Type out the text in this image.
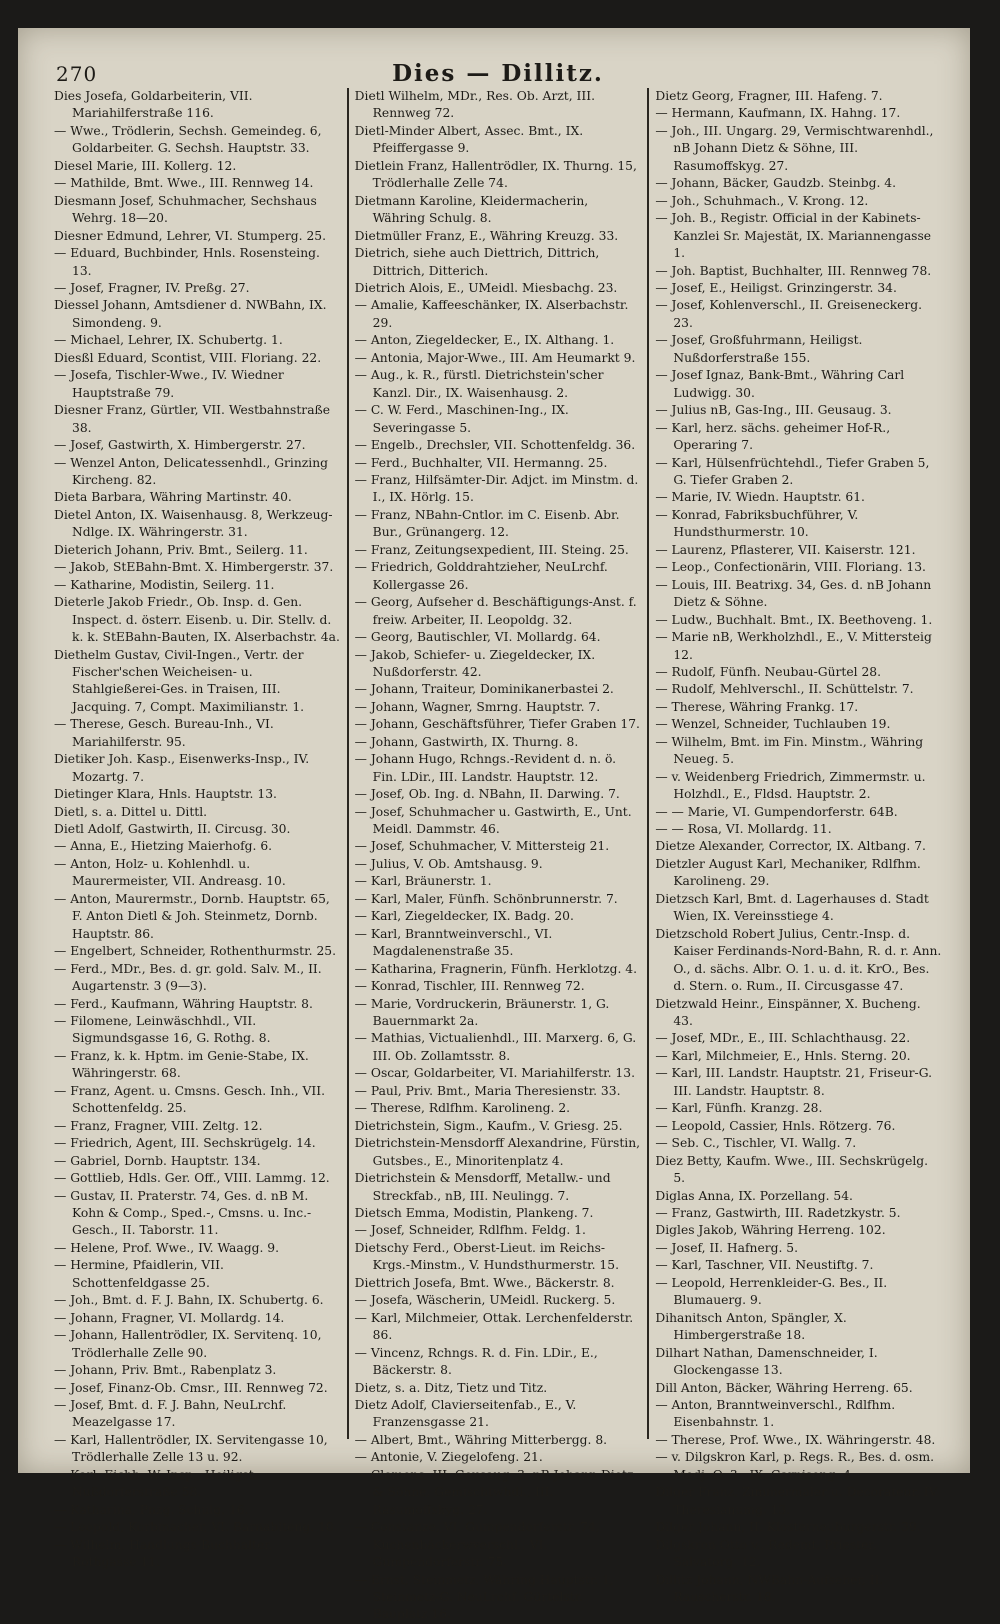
270	Dies — Dillitz.

Dies Josefa, Goldarbeiterin, VII. Mariahilferstraße 116.

— Wwe., Trödlerin, Sechsh. Gemeindeg. 6, Goldarbeiter. G. Sechsh. Hauptstr. 33.

Diesel Marie, III. Kollerg. 12.

— Mathilde, Bmt. Wwe., III. Rennweg 14.

Diesmann Josef, Schuhmacher, Sechshaus Wehrg. 18—20.

Diesner Edmund, Lehrer, VI. Stumperg. 25.

— Eduard, Buchbinder, Hnls. Rosensteing. 13.

— Josef, Fragner, IV. Preßg. 27.

Diessel Johann, Amtsdiener d. NWBahn, IX. Simondeng. 9.

— Michael, Lehrer, IX. Schubertg. 1.

Diesßl Eduard, Scontist, VIII. Floriang. 22.

— Josefa, Tischler-Wwe., IV. Wiedner Hauptstraße 79.

Diesner Franz, Gürtler, VII. Westbahnstraße 38.

— Josef, Gastwirth, X. Himbergerstr. 27.

— Wenzel Anton, Delicatessenhdl., Grinzing Kircheng. 82.

Dieta Barbara, Währing Martinstr. 40.

Dietel Anton, IX. Waisenhausg. 8, Werkzeug-Ndlge. IX. Währingerstr. 31.

Dieterich Johann, Priv. Bmt., Seilerg. 11.

— Jakob, StEBahn-Bmt. X. Himbergerstr. 37.

— Katharine, Modistin, Seilerg. 11.

Dieterle Jakob Friedr., Ob. Insp. d. Gen. Inspect. d. österr. Eisenb. u. Dir. Stellv. d. k. k. StEBahn-Bauten, IX. Alserbachstr. 4a.

Diethelm Gustav, Civil-Ingen., Vertr. der Fischer'schen Weicheisen- u. Stahlgießerei-Ges. in Traisen, III. Jacquing. 7, Compt. Maximilianstr. 1.

— Therese, Gesch. Bureau-Inh., VI. Mariahilferstr. 95.

Dietiker Joh. Kasp., Eisenwerks-Insp., IV. Mozartg. 7.

Dietinger Klara, Hnls. Hauptstr. 13.

Dietl, s. a. Dittel u. Dittl.

Dietl Adolf, Gastwirth, II. Circusg. 30.

— Anna, E., Hietzing Maierhofg. 6.

— Anton, Holz- u. Kohlenhdl. u. Maurermeister, VII. Andreasg. 10.

— Anton, Maurermstr., Dornb. Hauptstr. 65, F. Anton Dietl & Joh. Steinmetz, Dornb. Hauptstr. 86.

— Engelbert, Schneider, Rothenthurmstr. 25.

— Ferd., MDr., Bes. d. gr. gold. Salv. M., II. Augartenstr. 3 (9—3).

— Ferd., Kaufmann, Währing Hauptstr. 8.

— Filomene, Leinwäschhdl., VII. Sigmundsgasse 16, G. Rothg. 8.

— Franz, k. k. Hptm. im Genie-Stabe, IX. Währingerstr. 68.

— Franz, Agent. u. Cmsns. Gesch. Inh., VII. Schottenfeldg. 25.

— Franz, Fragner, VIII. Zeltg. 12.

— Friedrich, Agent, III. Sechskrügelg. 14.

— Gabriel, Dornb. Hauptstr. 134.

— Gottlieb, Hdls. Ger. Off., VIII. Lammg. 12.

— Gustav, II. Praterstr. 74, Ges. d. nB M. Kohn & Comp., Sped.-, Cmsns. u. Inc.-Gesch., II. Taborstr. 11.

— Helene, Prof. Wwe., IV. Waagg. 9.

— Hermine, Pfaidlerin, VII. Schottenfeldgasse 25.

— Joh., Bmt. d. F. J. Bahn, IX. Schubertg. 6.

— Johann, Fragner, VI. Mollardg. 14.

— Johann, Hallentrödler, IX. Servitenq. 10, Trödlerhalle Zelle 90.

— Johann, Priv. Bmt., Rabenplatz 3.

— Josef, Finanz-Ob. Cmsr., III. Rennweg 72.

— Josef, Bmt. d. F. J. Bahn, NeuLrchf. Meazelgasse 17.

— Karl, Hallentrödler, IX. Servitengasse 10, Trödlerhalle Zelle 13 u. 92.

— Karl, Eichb. W. Insp., Heiligst. Nußdorferstraße 58.

— Katharina, Pnzg. Schulg. 16.

— Leopold, Korbmacher, VI. Barnabiteng. 10.

— Wilhelm, Handlungs-Buchhalter, Rothgasse 11.

Dietl Wilhelm, MDr., Res. Ob. Arzt, III. Rennweg 72.

Dietl-Minder Albert, Assec. Bmt., IX. Pfeiffergasse 9.

Dietlein Franz, Hallentrödler, IX. Thurng. 15, Trödlerhalle Zelle 74.

Dietmann Karoline, Kleidermacherin, Währing Schulg. 8.

Dietmüller Franz, E., Währing Kreuzg. 33.

Dietrich, siehe auch Diettrich, Dittrich, Dittrich, Ditterich.

Dietrich Alois, E., UMeidl. Miesbachg. 23.

— Amalie, Kaffeeschänker, IX. Alserbachstr. 29.

— Anton, Ziegeldecker, E., IX. Althang. 1.

— Antonia, Major-Wwe., III. Am Heumarkt 9.

— Aug., k. R., fürstl. Dietrichstein'scher Kanzl. Dir., IX. Waisenhausg. 2.

— C. W. Ferd., Maschinen-Ing., IX. Severingasse 5.

— Engelb., Drechsler, VII. Schottenfeldg. 36.

— Ferd., Buchhalter, VII. Hermanng. 25.

— Franz, Hilfsämter-Dir. Adjct. im Minstm. d. I., IX. Hörlg. 15.

— Franz, NBahn-Cntlor. im C. Eisenb. Abr. Bur., Grünangerg. 12.

— Franz, Zeitungsexpedient, III. Steing. 25.

— Friedrich, Golddrahtzieher, NeuLrchf. Kollergasse 26.

— Georg, Aufseher d. Beschäftigungs-Anst. f. freiw. Arbeiter, II. Leopoldg. 32.

— Georg, Bautischler, VI. Mollardg. 64.

— Jakob, Schiefer- u. Ziegeldecker, IX. Nußdorferstr. 42.

— Johann, Traiteur, Dominikanerbastei 2.

— Johann, Wagner, Smrng. Hauptstr. 7.

— Johann, Geschäftsführer, Tiefer Graben 17.

— Johann, Gastwirth, IX. Thurng. 8.

— Johann Hugo, Rchngs.-Revident d. n. ö. Fin. LDir., III. Landstr. Hauptstr. 12.

— Josef, Ob. Ing. d. NBahn, II. Darwing. 7.

— Josef, Schuhmacher u. Gastwirth, E., Unt. Meidl. Dammstr. 46.

— Josef, Schuhmacher, V. Mittersteig 21.

— Julius, V. Ob. Amtshausg. 9.

— Karl, Bräunerstr. 1.

— Karl, Maler, Fünfh. Schönbrunnerstr. 7.

— Karl, Ziegeldecker, IX. Badg. 20.

— Karl, Branntweinverschl., VI. Magdalenenstraße 35.

— Katharina, Fragnerin, Fünfh. Herklotzg. 4.

— Konrad, Tischler, III. Rennweg 72.

— Marie, Vordruckerin, Bräunerstr. 1, G. Bauernmarkt 2a.

— Mathias, Victualienhdl., III. Marxerg. 6, G. III. Ob. Zollamtsstr. 8.

— Oscar, Goldarbeiter, VI. Mariahilferstr. 13.

— Paul, Priv. Bmt., Maria Theresienstr. 33.

— Therese, Rdlfhm. Karolineng. 2.

Dietrichstein, Sigm., Kaufm., V. Griesg. 25.

Dietrichstein-Mensdorff Alexandrine, Fürstin, Gutsbes., E., Minoritenplatz 4.

Dietrichstein & Mensdorff, Metallw.- und Streckfab., nB, III. Neulingg. 7.

Dietsch Emma, Modistin, Plankeng. 7.

— Josef, Schneider, Rdlfhm. Feldg. 1.

Dietschy Ferd., Oberst-Lieut. im Reichs-Krgs.-Minstm., V. Hundsthurmerstr. 15.

Diettrich Josefa, Bmt. Wwe., Bäckerstr. 8.

— Josefa, Wäscherin, UMeidl. Ruckerg. 5.

— Karl, Milchmeier, Ottak. Lerchenfelderstr. 86.

— Vincenz, Rchngs. R. d. Fin. LDir., E., Bäckerstr. 8.

Dietz, s. a. Ditz, Tietz und Titz.

Dietz Adolf, Clavierseitenfab., E., V. Franzensgasse 21.

— Albert, Bmt., Währing Mitterbergg. 8.

— Antonie, V. Ziegelofeng. 21.

— Clemens, III. Geusaug. 3, nB Johann Dietz & Söhne, Gemischtwhdl., III. Rasumoffskyg. 27.

— Constanze, VI. Gumpendorferstr. 74, Kuchenbäckerwverschl., VI. Gumpendorferstr. 75.

— Ernst, Steinmetz, Währing Hauptstr. 1, Steinmetz-G. NeuLrchf. Gürtelstr. Bauplatz 16.

Dietz Georg, Fragner, III. Hafeng. 7.

— Hermann, Kaufmann, IX. Hahng. 17.

— Joh., III. Ungarg. 29, Vermischtwarenhdl., nB Johann Dietz & Söhne, III. Rasumoffskyg. 27.

— Johann, Bäcker, Gaudzb. Steinbg. 4.

— Joh., Schuhmach., V. Krong. 12.

— Joh. B., Registr. Official in der Kabinets-Kanzlei Sr. Majestät, IX. Mariannengasse 1.

— Joh. Baptist, Buchhalter, III. Rennweg 78.

— Josef, E., Heiligst. Grinzingerstr. 34.

— Josef, Kohlenverschl., II. Greiseneckerg. 23.

— Josef, Großfuhrmann, Heiligst. Nußdorferstraße 155.

— Josef Ignaz, Bank-Bmt., Währing Carl Ludwigg. 30.

— Julius nB, Gas-Ing., III. Geusaug. 3.

— Karl, herz. sächs. geheimer Hof-R., Operaring 7.

— Karl, Hülsenfrüchtehdl., Tiefer Graben 5, G. Tiefer Graben 2.

— Marie, IV. Wiedn. Hauptstr. 61.

— Konrad, Fabriksbuchführer, V. Hundsthurmerstr. 10.

— Laurenz, Pflasterer, VII. Kaiserstr. 121.

— Leop., Confectionärin, VIII. Floriang. 13.

— Louis, III. Beatrixg. 34, Ges. d. nB Johann Dietz & Söhne.

— Ludw., Buchhalt. Bmt., IX. Beethoveng. 1.

— Marie nB, Werkholzhdl., E., V. Mittersteig 12.

— Rudolf, Fünfh. Neubau-Gürtel 28.

— Rudolf, Mehlverschl., II. Schüttelstr. 7.

— Therese, Währing Frankg. 17.

— Wenzel, Schneider, Tuchlauben 19.

— Wilhelm, Bmt. im Fin. Minstm., Währing Neueg. 5.

— v. Weidenberg Friedrich, Zimmermstr. u. Holzhdl., E., Fldsd. Hauptstr. 2.

— — Marie, VI. Gumpendorferstr. 64B.

— — Rosa, VI. Mollardg. 11.

Dietze Alexander, Corrector, IX. Altbang. 7.

Dietzler August Karl, Mechaniker, Rdlfhm. Karolineng. 29.

Dietzsch Karl, Bmt. d. Lagerhauses d. Stadt Wien, IX. Vereinsstiege 4.

Dietzschold Robert Julius, Centr.-Insp. d. Kaiser Ferdinands-Nord-Bahn, R. d. r. Ann. O., d. sächs. Albr. O. 1. u. d. it. KrO., Bes. d. Stern. o. Rum., II. Circusgasse 47.

Dietzwald Heinr., Einspänner, X. Bucheng. 43.

— Josef, MDr., E., III. Schlachthausg. 22.

— Karl, Milchmeier, E., Hnls. Sterng. 20.

— Karl, III. Landstr. Hauptstr. 21, Friseur-G. III. Landstr. Hauptstr. 8.

— Karl, Fünfh. Kranzg. 28.

— Leopold, Cassier, Hnls. Rötzerg. 76.

— Seb. C., Tischler, VI. Wallg. 7.

Diez Betty, Kaufm. Wwe., III. Sechskrügelg. 5.

Diglas Anna, IX. Porzellang. 54.

— Franz, Gastwirth, III. Radetzkystr. 5.

Digles Jakob, Währing Herreng. 102.

— Josef, II. Hafnerg. 5.

— Karl, Taschner, VII. Neustiftg. 7.

— Leopold, Herrenkleider-G. Bes., II. Blumauerg. 9.

Dihanitsch Anton, Spängler, X. Himbergerstraße 18.

Dilhart Nathan, Damenschneider, I. Glockengasse 13.

Dill Anton, Bäcker, Währing Herreng. 65.

— Anton, Branntweinverschl., Rdlfhm. Eisenbahnstr. 1.

— Therese, Prof. Wwe., IX. Währingerstr. 48.

— v. Dilgskron Karl, p. Regs. R., Bes. d. osm. Medj. O. 3., IX. Garnisong. 4.

Dilger Franz, Zimmermaler u. Decorateur, IV. Theresianumg. 13.

Dilger Johann, II. Klosterneuburgerstr. 39.

Dilgskron Otto v., Redemt. Priester, Salvatorg. 12.

Dillitz Johann, NWBahn-Aufseher, II. Rauscherstr. 18.
